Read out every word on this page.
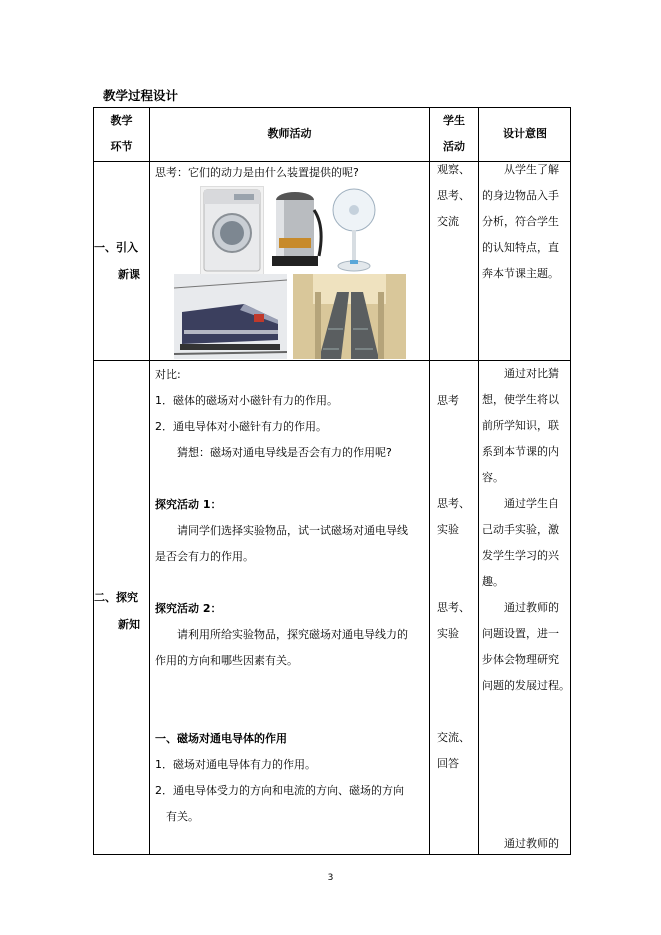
教学过程设计
教学
环节
教师活动
学生
活动
设计意图
一、引入
新课
思考：它们的动力是由什么装置提供的呢?	观察、
思考、
交流
从学生了解
的身边物品入手
分析，符合学生
的认知特点，直
奔本节课主题。
二、探究
新知
对比:
1．磁体的磁场对小磁针有力的作用。
2．通电导体对小磁针有力的作用。
猜想：磁场对通电导线是否会有力的作用呢?
探究活动 1：
请同学们选择实验物品，试一试磁场对通电导线
是否会有力的作用。
探究活动 2：
请利用所给实验物品，探究磁场对通电导线力的
作用的方向和哪些因素有关。
一、磁场对通电导体的作用
1．磁场对通电导体有力的作用。
2．通电导体受力的方向和电流的方向、磁场的方向
有关。
思考
思考、
实验
思考、
实验
交流、
回答
通过对比猜
想，使学生将以
前所学知识，联
系到本节课的内
容。
通过学生自
己动手实验，激
发学生学习的兴
趣。
通过教师的
问题设置，进一
步体会物理研究
问题的发展过程。
通过教师的
3
